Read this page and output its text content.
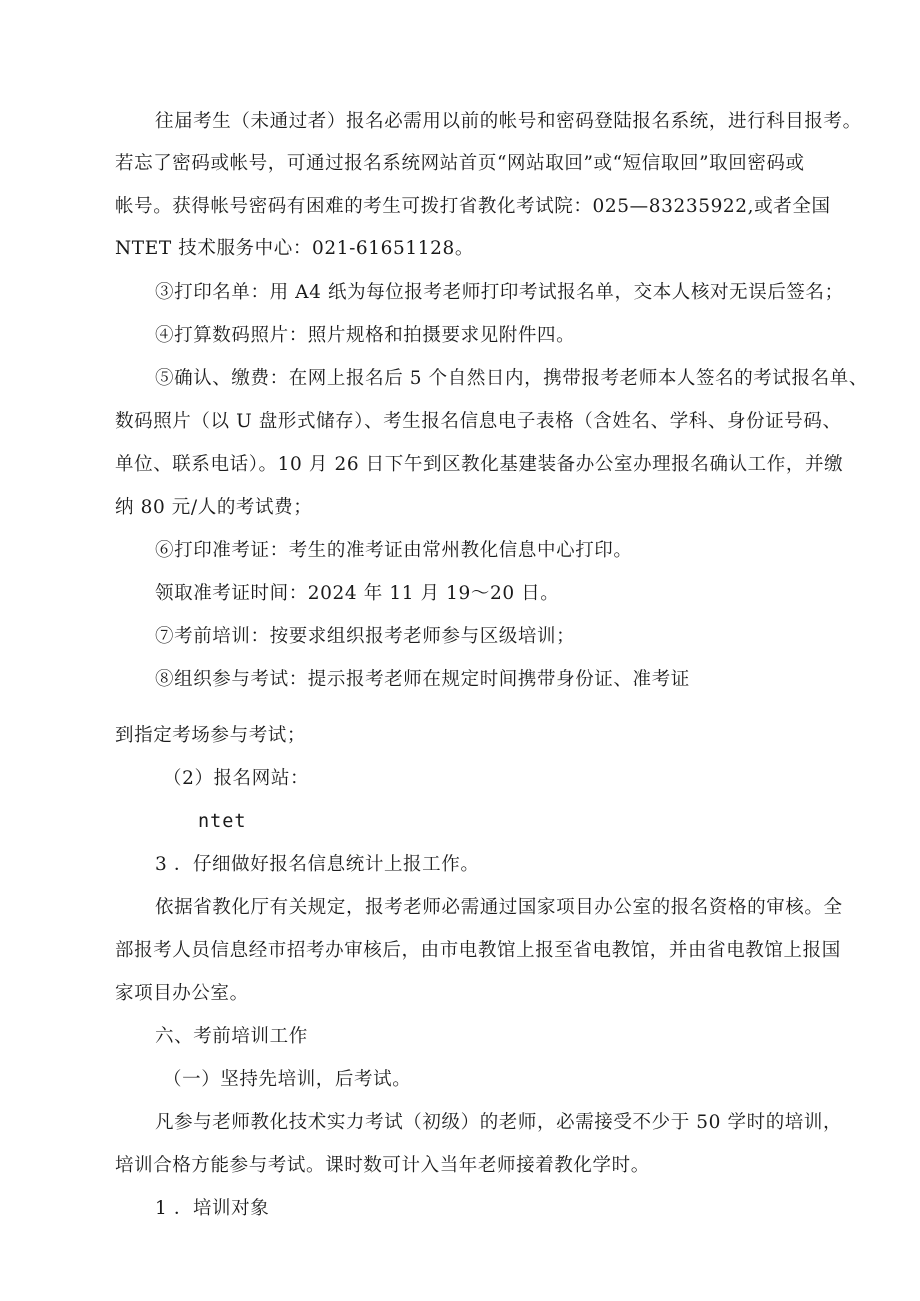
往届考生（未通过者）报名必需用以前的帐号和密码登陆报名系统，进行科目报考。
若忘了密码或帐号，可通过报名系统网站首页“网站取回”或“短信取回”取回密码或
帐号。获得帐号密码有困难的考生可拨打省教化考试院：025—83235922,或者全国
NTET 技术服务中心：021-61651128。
③打印名单：用 A4 纸为每位报考老师打印考试报名单，交本人核对无误后签名；
④打算数码照片：照片规格和拍摄要求见附件四。
⑤确认、缴费：在网上报名后 5 个自然日内，携带报考老师本人签名的考试报名单、
数码照片（以 U 盘形式储存）、考生报名信息电子表格（含姓名、学科、身份证号码、
单位、联系电话）。10 月 26 日下午到区教化基建装备办公室办理报名确认工作，并缴
纳 80 元/人的考试费；
⑥打印准考证：考生的准考证由常州教化信息中心打印。
领取准考证时间：2024 年 11 月 19～20 日。
⑦考前培训：按要求组织报考老师参与区级培训；
⑧组织参与考试：提示报考老师在规定时间携带身份证、准考证
到指定考场参与考试；
（2）报名网站：
ntet
3 ．仔细做好报名信息统计上报工作。
依据省教化厅有关规定，报考老师必需通过国家项目办公室的报名资格的审核。全
部报考人员信息经市招考办审核后，由市电教馆上报至省电教馆，并由省电教馆上报国
家项目办公室。
六、考前培训工作
（一）坚持先培训，后考试。
凡参与老师教化技术实力考试（初级）的老师，必需接受不少于 50 学时的培训，
培训合格方能参与考试。课时数可计入当年老师接着教化学时。
1 ．培训对象
